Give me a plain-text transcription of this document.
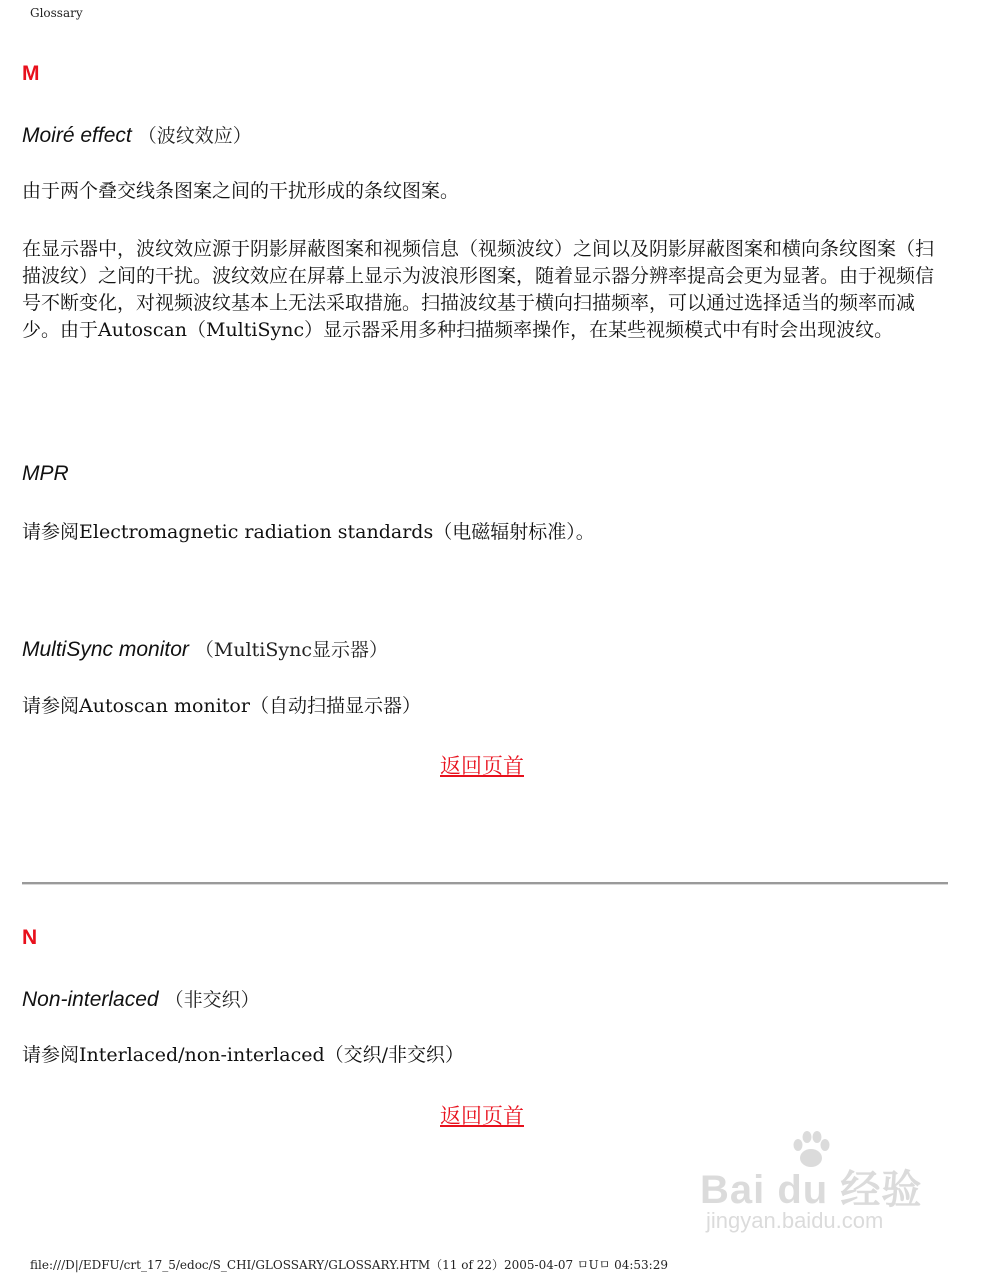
Glossary
M
Moiré effect （波纹效应）
由于两个叠交线条图案之间的干扰形成的条纹图案。
在显示器中，波纹效应源于阴影屏蔽图案和视频信息（视频波纹）之间以及阴影屏蔽图案和横向条纹图案（扫描波纹）之间的干扰。波纹效应在屏幕上显示为波浪形图案，随着显示器分辨率提高会更为显著。由于视频信号不断变化，对视频波纹基本上无法采取措施。扫描波纹基于横向扫描频率，可以通过选择适当的频率而减少。由于Autoscan（MultiSync）显示器采用多种扫描频率操作，在某些视频模式中有时会出现波纹。
MPR
请参阅Electromagnetic radiation standards（电磁辐射标准）。
MultiSync monitor （MultiSync显示器）
请参阅Autoscan monitor（自动扫描显示器）
返回页首
N
Non-interlaced （非交织）
请参阅Interlaced/non-interlaced（交织/非交织）
返回页首
Bai du 经验
jingyan.baidu.com
file:///D|/EDFU/crt_17_5/edoc/S_CHI/GLOSSARY/GLOSSARY.HTM（11 of 22）2005-04-07 ㅁUㅁ 04:53:29
